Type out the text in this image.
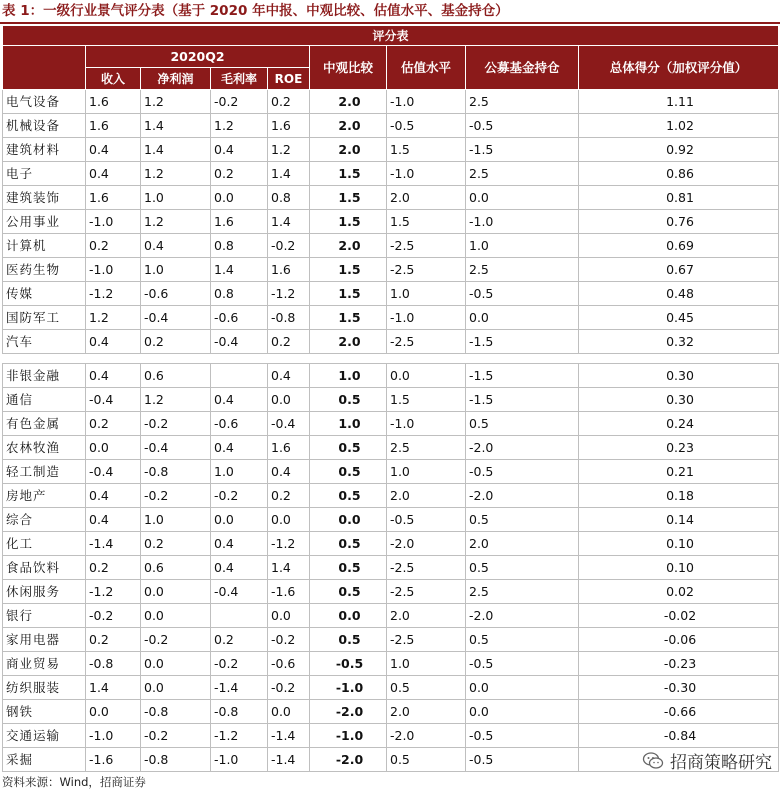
表 1：一级行业景气评分表（基于 2020 年中报、中观比较、估值水平、基金持仓）
评分表								
	2020Q2				中观比较	估值水平	公募基金持仓	总体得分（加权评分值）
	收入	净利润	毛利率	ROE				
电气设备	1.6	1.2	-0.2	0.2	2.0	-1.0	2.5	1.11
机械设备	1.6	1.4	1.2	1.6	2.0	-0.5	-0.5	1.02
建筑材料	0.4	1.4	0.4	1.2	2.0	1.5	-1.5	0.92
电子	0.4	1.2	0.2	1.4	1.5	-1.0	2.5	0.86
建筑装饰	1.6	1.0	0.0	0.8	1.5	2.0	0.0	0.81
公用事业	-1.0	1.2	1.6	1.4	1.5	1.5	-1.0	0.76
计算机	0.2	0.4	0.8	-0.2	2.0	-2.5	1.0	0.69
医药生物	-1.0	1.0	1.4	1.6	1.5	-2.5	2.5	0.67
传媒	-1.2	-0.6	0.8	-1.2	1.5	1.0	-0.5	0.48
国防军工	1.2	-0.4	-0.6	-0.8	1.5	-1.0	0.0	0.45
汽车	0.4	0.2	-0.4	0.2	2.0	-2.5	-1.5	0.32

非银金融	0.4	0.6		0.4	1.0	0.0	-1.5	0.30
通信	-0.4	1.2	0.4	0.0	0.5	1.5	-1.5	0.30
有色金属	0.2	-0.2	-0.6	-0.4	1.0	-1.0	0.5	0.24
农林牧渔	0.0	-0.4	0.4	1.6	0.5	2.5	-2.0	0.23
轻工制造	-0.4	-0.8	1.0	0.4	0.5	1.0	-0.5	0.21
房地产	0.4	-0.2	-0.2	0.2	0.5	2.0	-2.0	0.18
综合	0.4	1.0	0.0	0.0	0.0	-0.5	0.5	0.14
化工	-1.4	0.2	0.4	-1.2	0.5	-2.0	2.0	0.10
食品饮料	0.2	0.6	0.4	1.4	0.5	-2.5	0.5	0.10
休闲服务	-1.2	0.0	-0.4	-1.6	0.5	-2.5	2.5	0.02
银行	-0.2	0.0		0.0	0.0	2.0	-2.0	-0.02
家用电器	0.2	-0.2	0.2	-0.2	0.5	-2.5	0.5	-0.06
商业贸易	-0.8	0.0	-0.2	-0.6	-0.5	1.0	-0.5	-0.23
纺织服装	1.4	0.0	-1.4	-0.2	-1.0	0.5	0.0	-0.30
钢铁	0.0	-0.8	-0.8	0.0	-2.0	2.0	0.0	-0.66
交通运输	-1.0	-0.2	-1.2	-1.4	-1.0	-2.0	-0.5	-0.84
采掘	-1.6	-0.8	-1.0	-1.4	-2.0	0.5	-0.5	
资料来源：Wind，招商证券
招商策略研究
